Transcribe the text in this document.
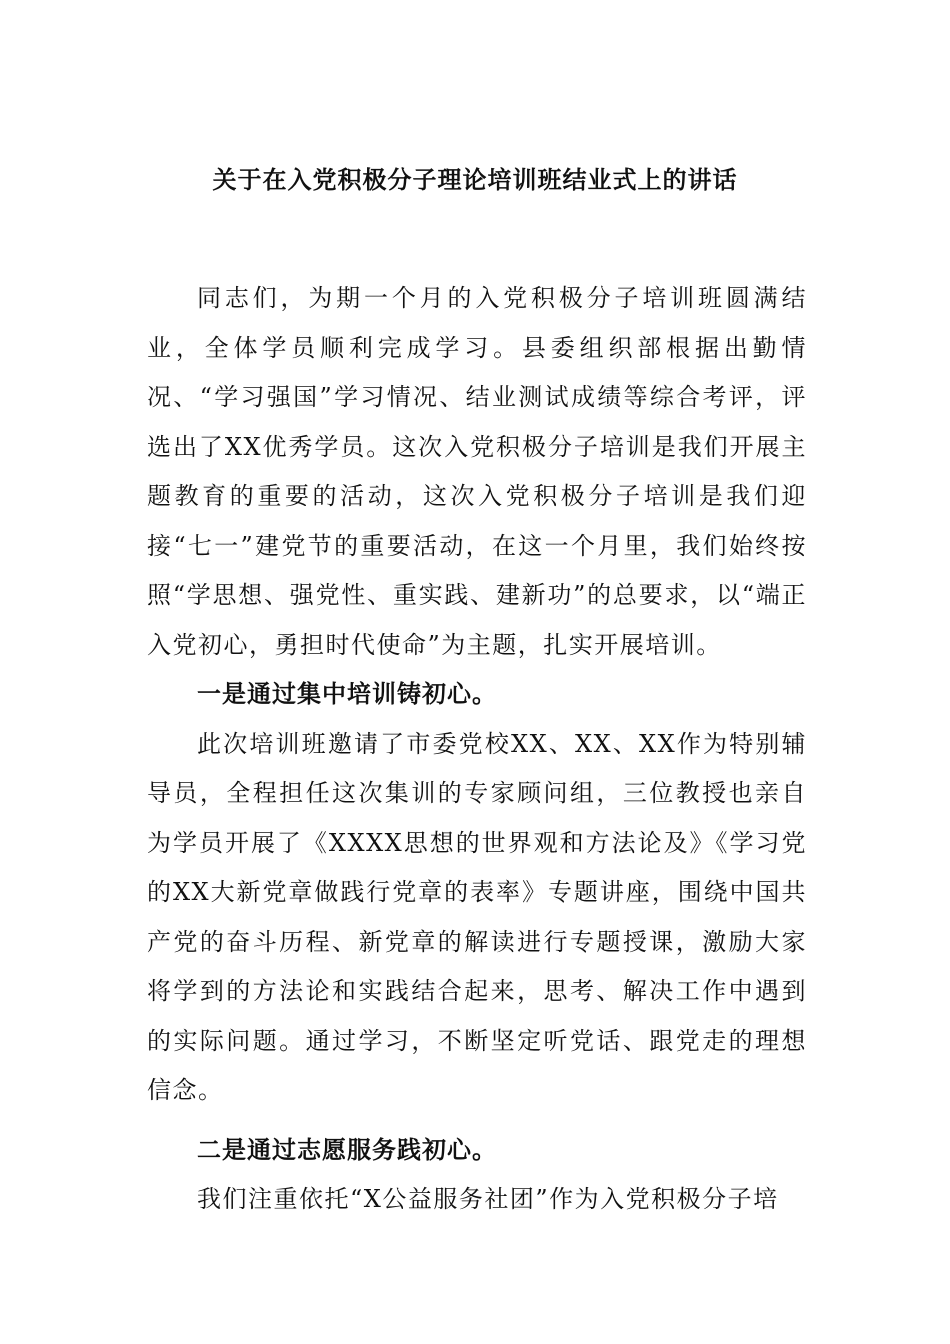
关于在入党积极分子理论培训班结业式上的讲话

同志们，为期一个月的入党积极分子培训班圆满结业，全体学员顺利完成学习。县委组织部根据出勤情况、“学习强国”学习情况、结业测试成绩等综合考评，评选出了XX优秀学员。这次入党积极分子培训是我们开展主题教育的重要的活动，这次入党积极分子培训是我们迎接“七一”建党节的重要活动，在这一个月里，我们始终按照“学思想、强党性、重实践、建新功”的总要求，以“端正入党初心，勇担时代使命”为主题，扎实开展培训。

一是通过集中培训铸初心。

此次培训班邀请了市委党校XX、XX、XX作为特别辅导员，全程担任这次集训的专家顾问组，三位教授也亲自为学员开展了《XXXX思想的世界观和方法论及》《学习党的XX大新党章做践行党章的表率》专题讲座，围绕中国共产党的奋斗历程、新党章的解读进行专题授课，激励大家将学到的方法论和实践结合起来，思考、解决工作中遇到的实际问题。通过学习，不断坚定听党话、跟党走的理想信念。

二是通过志愿服务践初心。

我们注重依托“X公益服务社团”作为入党积极分子培
